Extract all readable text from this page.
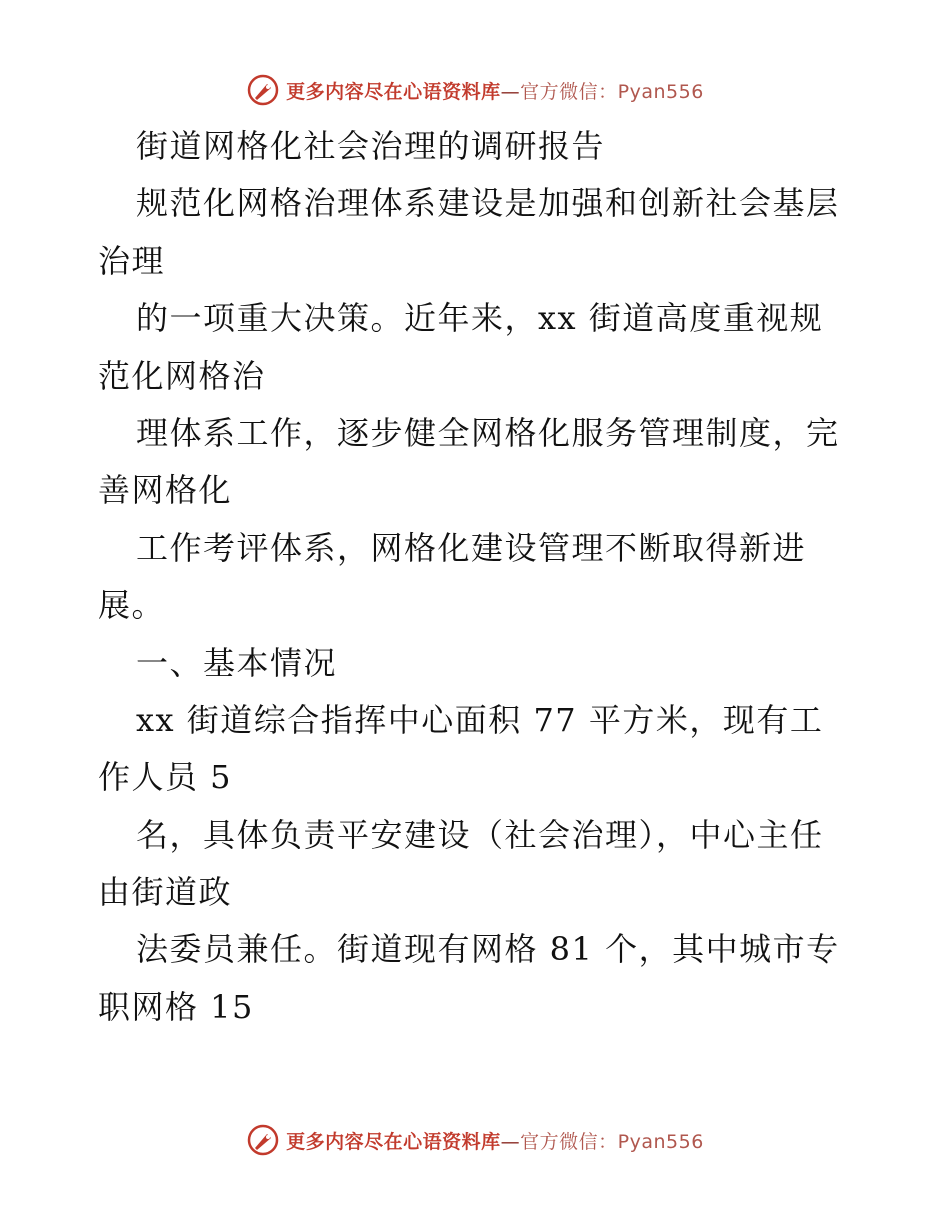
更多内容尽在心语资料库—官方微信：Pyan556
街道网格化社会治理的调研报告
规范化网格治理体系建设是加强和创新社会基层
治理
的一项重大决策。近年来，xx 街道高度重视规
范化网格治
理体系工作，逐步健全网格化服务管理制度，完
善网格化
工作考评体系，网格化建设管理不断取得新进
展。
一、基本情况
xx 街道综合指挥中心面积 77 平方米，现有工
作人员 5
名，具体负责平安建设（社会治理），中心主任
由街道政
法委员兼任。街道现有网格 81 个，其中城市专
职网格 15
更多内容尽在心语资料库—官方微信：Pyan556
